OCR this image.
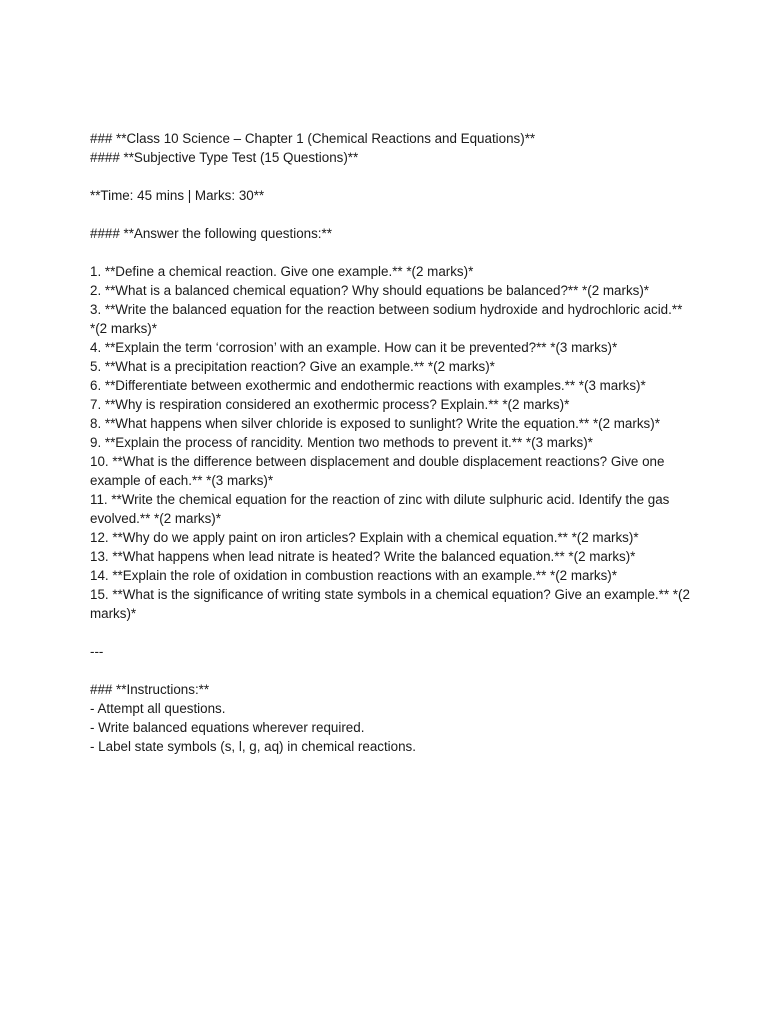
### **Class 10 Science – Chapter 1 (Chemical Reactions and Equations)**

#### **Subjective Type Test (15 Questions)**

**Time: 45 mins | Marks: 30**

#### **Answer the following questions:**

1. **Define a chemical reaction. Give one example.** *(2 marks)*
2. **What is a balanced chemical equation? Why should equations be balanced?** *(2 marks)*
3. **Write the balanced equation for the reaction between sodium hydroxide and hydrochloric acid.** *(2 marks)*
4. **Explain the term ‘corrosion’ with an example. How can it be prevented?** *(3 marks)*
5. **What is a precipitation reaction? Give an example.** *(2 marks)*
6. **Differentiate between exothermic and endothermic reactions with examples.** *(3 marks)*
7. **Why is respiration considered an exothermic process? Explain.** *(2 marks)*
8. **What happens when silver chloride is exposed to sunlight? Write the equation.** *(2 marks)*
9. **Explain the process of rancidity. Mention two methods to prevent it.** *(3 marks)*
10. **What is the difference between displacement and double displacement reactions? Give one example of each.** *(3 marks)*
11. **Write the chemical equation for the reaction of zinc with dilute sulphuric acid. Identify the gas evolved.** *(2 marks)*
12. **Why do we apply paint on iron articles? Explain with a chemical equation.** *(2 marks)*
13. **What happens when lead nitrate is heated? Write the balanced equation.** *(2 marks)*
14. **Explain the role of oxidation in combustion reactions with an example.** *(2 marks)*
15. **What is the significance of writing state symbols in a chemical equation? Give an example.** *(2 marks)*

---

### **Instructions:**

- Attempt all questions.
- Write balanced equations wherever required.
- Label state symbols (s, l, g, aq) in chemical reactions.
